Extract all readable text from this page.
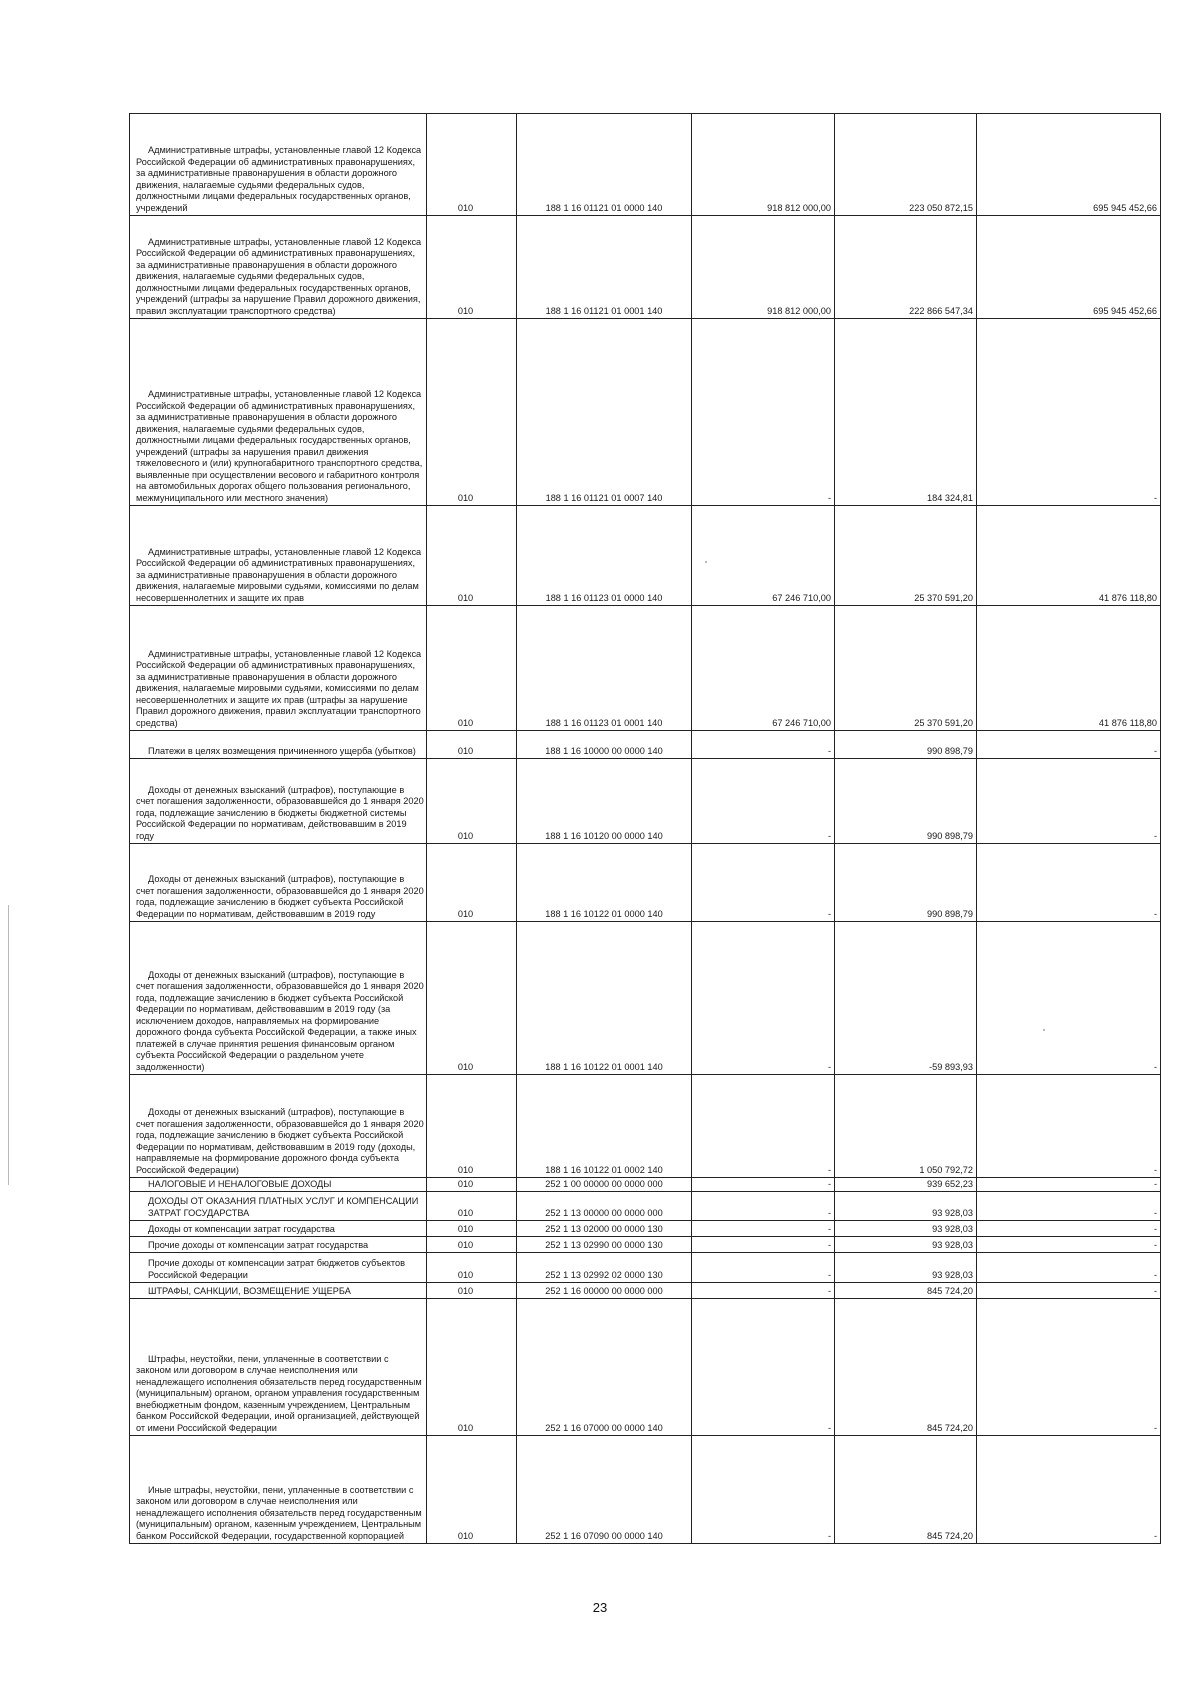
Административные штрафы, установленные главой 12 Кодекса Российской Федерации об административных правонарушениях, за административные правонарушения в области дорожного движения, налагаемые судьями федеральных судов, должностными лицами федеральных государственных органов, учреждений	010	188 1 16 01121 01 0000 140	918 812 000,00	223 050 872,15	695 945 452,66
Административные штрафы, установленные главой 12 Кодекса Российской Федерации об административных правонарушениях, за административные правонарушения в области дорожного движения, налагаемые судьями федеральных судов, должностными лицами федеральных государственных органов, учреждений (штрафы за нарушение Правил дорожного движения, правил эксплуатации транспортного средства)	010	188 1 16 01121 01 0001 140	918 812 000,00	222 866 547,34	695 945 452,66
Административные штрафы, установленные главой 12 Кодекса Российской Федерации об административных правонарушениях, за административные правонарушения в области дорожного движения, налагаемые судьями федеральных судов, должностными лицами федеральных государственных органов, учреждений (штрафы за нарушения правил движения тяжеловесного и (или) крупногабаритного транспортного средства, выявленные при осуществлении весового и габаритного контроля на автомобильных дорогах общего пользования регионального, межмуниципального или местного значения)	010	188 1 16 01121 01 0007 140	-	184 324,81	-
Административные штрафы, установленные главой 12 Кодекса Российской Федерации об административных правонарушениях, за административные правонарушения в области дорожного движения, налагаемые мировыми судьями, комиссиями по делам несовершеннолетних и защите их прав	010	188 1 16 01123 01 0000 140	67 246 710,00	25 370 591,20	41 876 118,80
Административные штрафы, установленные главой 12 Кодекса Российской Федерации об административных правонарушениях, за административные правонарушения в области дорожного движения, налагаемые мировыми судьями, комиссиями по делам несовершеннолетних и защите их прав (штрафы за нарушение Правил дорожного движения, правил эксплуатации транспортного средства)	010	188 1 16 01123 01 0001 140	67 246 710,00	25 370 591,20	41 876 118,80
Платежи в целях возмещения причиненного ущерба (убытков)	010	188 1 16 10000 00 0000 140	-	990 898,79	-
Доходы от денежных взысканий (штрафов), поступающие в счет погашения задолженности, образовавшейся до 1 января 2020 года, подлежащие зачислению в бюджеты бюджетной системы Российской Федерации по нормативам, действовавшим в 2019 году	010	188 1 16 10120 00 0000 140	-	990 898,79	-
Доходы от денежных взысканий (штрафов), поступающие в счет погашения задолженности, образовавшейся до 1 января 2020 года, подлежащие зачислению в бюджет субъекта Российской Федерации по нормативам, действовавшим в 2019 году	010	188 1 16 10122 01 0000 140	-	990 898,79	-
Доходы от денежных взысканий (штрафов), поступающие в счет погашения задолженности, образовавшейся до 1 января 2020 года, подлежащие зачислению в бюджет субъекта Российской Федерации по нормативам, действовавшим в 2019 году (за исключением доходов, направляемых на формирование дорожного фонда субъекта Российской Федерации, а также иных платежей в случае принятия решения финансовым органом субъекта Российской Федерации о раздельном учете задолженности)	010	188 1 16 10122 01 0001 140	-	-59 893,93	-
Доходы от денежных взысканий (штрафов), поступающие в счет погашения задолженности, образовавшейся до 1 января 2020 года, подлежащие зачислению в бюджет субъекта Российской Федерации по нормативам, действовавшим в 2019 году (доходы, направляемые на формирование дорожного фонда субъекта Российской Федерации)	010	188 1 16 10122 01 0002 140	-	1 050 792,72	-
НАЛОГОВЫЕ И НЕНАЛОГОВЫЕ ДОХОДЫ	010	252 1 00 00000 00 0000 000	-	939 652,23	-
ДОХОДЫ ОТ ОКАЗАНИЯ ПЛАТНЫХ УСЛУГ И КОМПЕНСАЦИИ ЗАТРАТ ГОСУДАРСТВА	010	252 1 13 00000 00 0000 000	-	93 928,03	-
Доходы от компенсации затрат государства	010	252 1 13 02000 00 0000 130	-	93 928,03	-
Прочие доходы от компенсации затрат государства	010	252 1 13 02990 00 0000 130	-	93 928,03	-
Прочие доходы от компенсации затрат бюджетов субъектов Российской Федерации	010	252 1 13 02992 02 0000 130	-	93 928,03	-
ШТРАФЫ, САНКЦИИ, ВОЗМЕЩЕНИЕ УЩЕРБА	010	252 1 16 00000 00 0000 000	-	845 724,20	-
Штрафы, неустойки, пени, уплаченные в соответствии с законом или договором в случае неисполнения или ненадлежащего исполнения обязательств перед государственным (муниципальным) органом, органом управления государственным внебюджетным фондом, казенным учреждением, Центральным банком Российской Федерации, иной организацией, действующей от имени Российской Федерации	010	252 1 16 07000 00 0000 140	-	845 724,20	-
Иные штрафы, неустойки, пени, уплаченные в соответствии с законом или договором в случае неисполнения или ненадлежащего исполнения обязательств перед государственным (муниципальным) органом, казенным учреждением, Центральным банком Российской Федерации, государственной корпорацией	010	252 1 16 07090 00 0000 140	-	845 724,20	-
23
